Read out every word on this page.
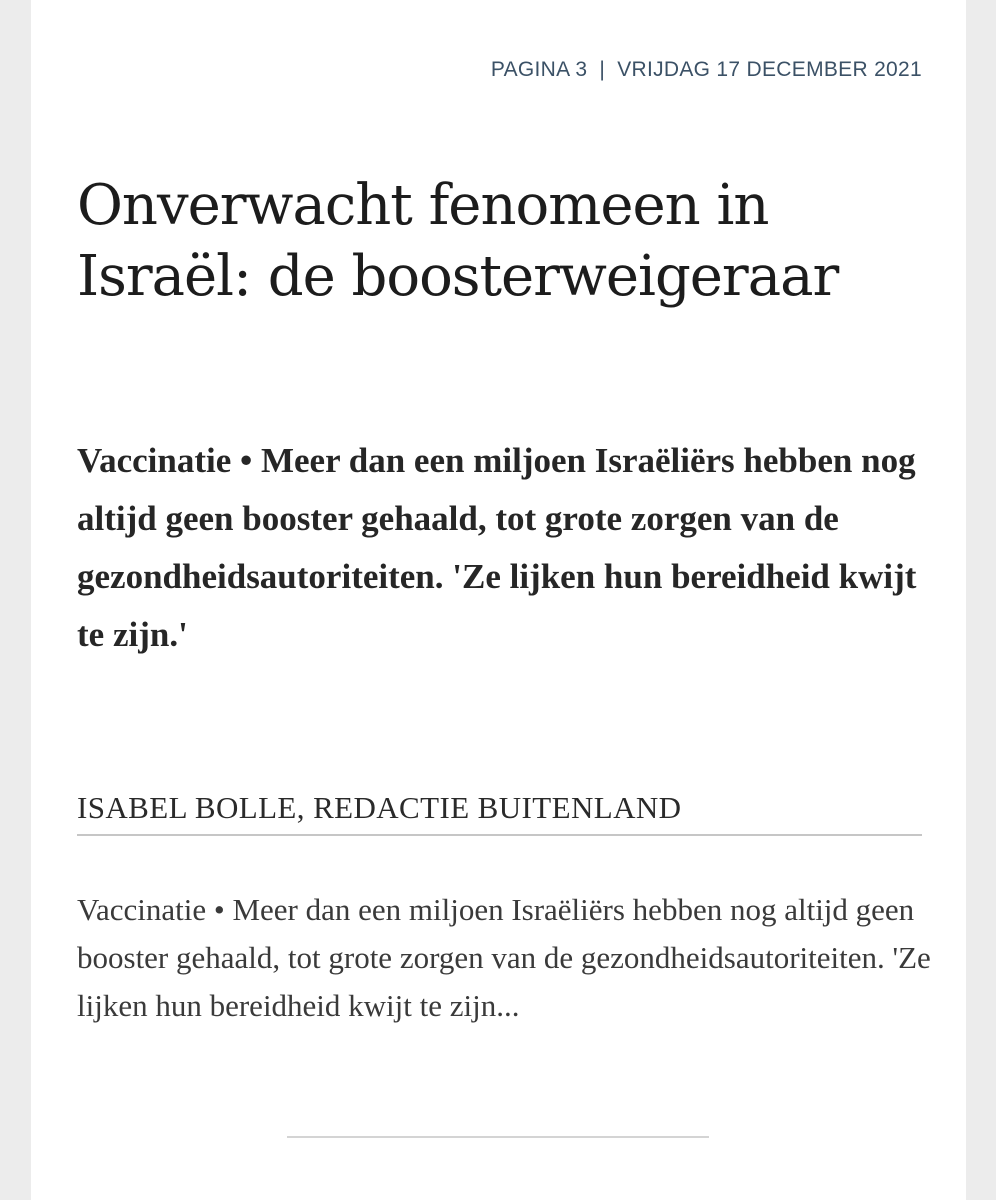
PAGINA 3 | VRIJDAG 17 DECEMBER 2021
Onverwacht fenomeen in Israël: de boosterweigeraar

Vaccinatie • Meer dan een miljoen Israëliërs hebben nog altijd geen booster gehaald, tot grote zorgen van de gezondheidsautoriteiten. 'Ze lijken hun bereidheid kwijt te zijn.'

ISABEL BOLLE, REDACTIE BUITENLAND

Vaccinatie • Meer dan een miljoen Israëliërs hebben nog altijd geen booster gehaald, tot grote zorgen van de gezondheidsautoriteiten. 'Ze lijken hun bereidheid kwijt te zijn...
